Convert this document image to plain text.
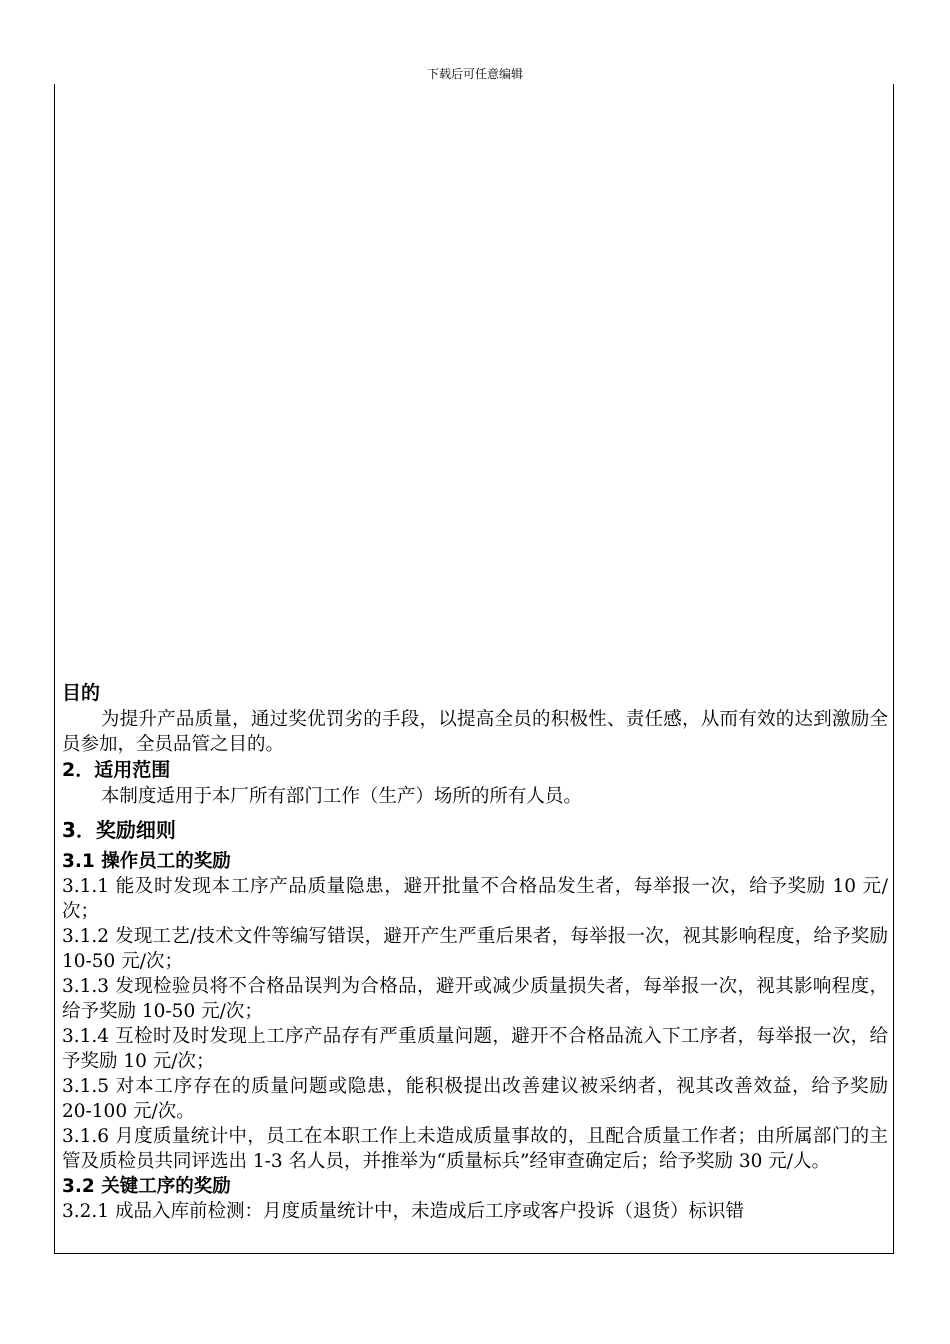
下载后可任意编辑

目的

为提升产品质量，通过奖优罚劣的手段，以提高全员的积极性、责任感，从而有效的达到激励全员参加，全员品管之目的。

2．适用范围

本制度适用于本厂所有部门工作（生产）场所的所有人员。

3．奖励细则

3.1 操作员工的奖励

3.1.1 能及时发现本工序产品质量隐患，避开批量不合格品发生者，每举报一次，给予奖励 10 元/次；

3.1.2 发现工艺/技术文件等编写错误，避开产生严重后果者，每举报一次，视其影响程度，给予奖励 10-50 元/次；

3.1.3 发现检验员将不合格品误判为合格品，避开或减少质量损失者，每举报一次，视其影响程度，给予奖励 10-50 元/次；

3.1.4 互检时及时发现上工序产品存有严重质量问题，避开不合格品流入下工序者，每举报一次，给予奖励 10 元/次；

3.1.5 对本工序存在的质量问题或隐患，能积极提出改善建议被采纳者，视其改善效益，给予奖励 20-100 元/次。

3.1.6 月度质量统计中，员工在本职工作上未造成质量事故的，且配合质量工作者；由所属部门的主管及质检员共同评选出 1-3 名人员，并推举为“质量标兵”经审查确定后；给予奖励 30 元/人。

3.2 关键工序的奖励

3.2.1 成品入库前检测：月度质量统计中，未造成后工序或客户投诉（退货）标识错
